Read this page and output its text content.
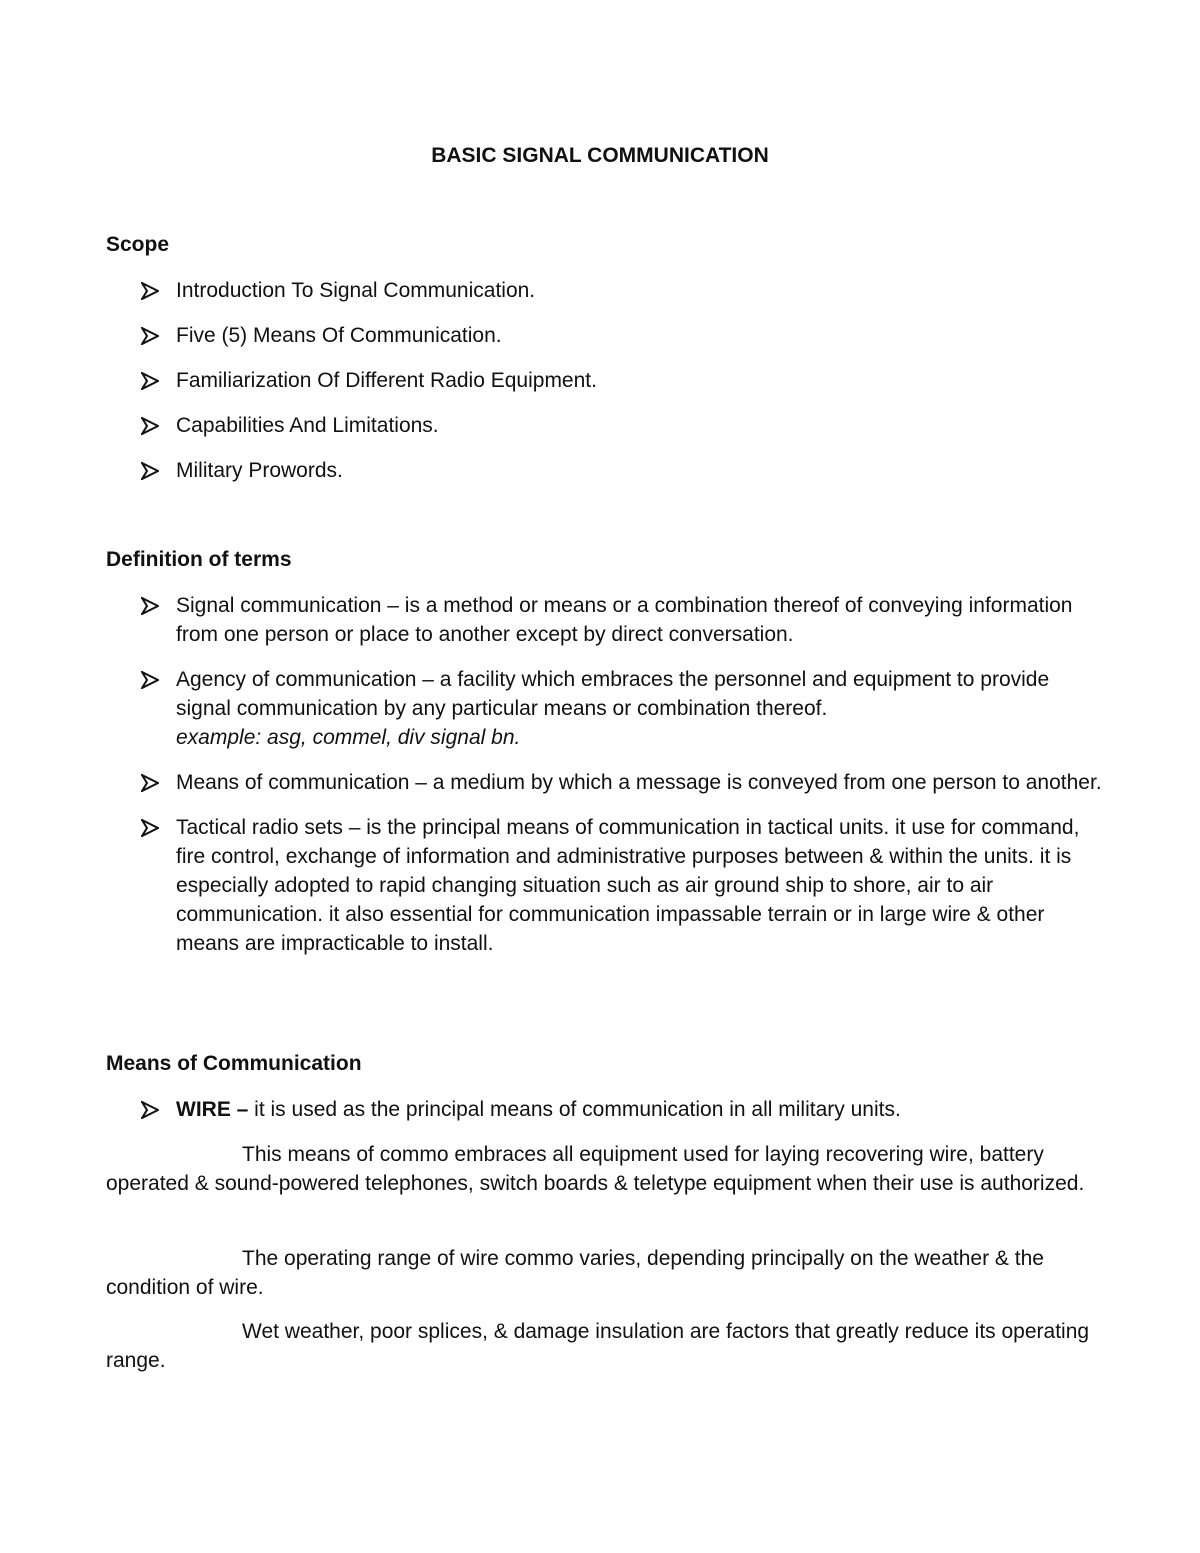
BASIC SIGNAL COMMUNICATION
Scope
Introduction To Signal Communication.
Five (5) Means Of Communication.
Familiarization Of Different Radio Equipment.
Capabilities And Limitations.
Military Prowords.
Definition of terms
Signal communication – is a method or means or a combination thereof of conveying information from one person or place to another except by direct conversation.
Agency of communication – a facility which embraces the personnel and equipment to provide signal communication by any particular means or combination thereof.
example: asg, commel, div signal bn.
Means of communication – a medium by which a message is conveyed from one person to another.
Tactical radio sets – is the principal means of communication in tactical units. it use for command, fire control, exchange of information and administrative purposes between & within the units. it is especially adopted to rapid changing situation such as air ground ship to shore, air to air communication. it also essential for communication impassable terrain or in large wire & other means are impracticable to install.
Means of Communication
WIRE – it is used as the principal means of communication in all military units.

This means of commo embraces all equipment used for laying recovering wire, battery operated & sound-powered telephones, switch boards & teletype equipment when their use is authorized.

The operating range of wire commo varies, depending principally on the weather & the condition of wire.

Wet weather, poor splices, & damage insulation are factors that greatly reduce its operating range.
